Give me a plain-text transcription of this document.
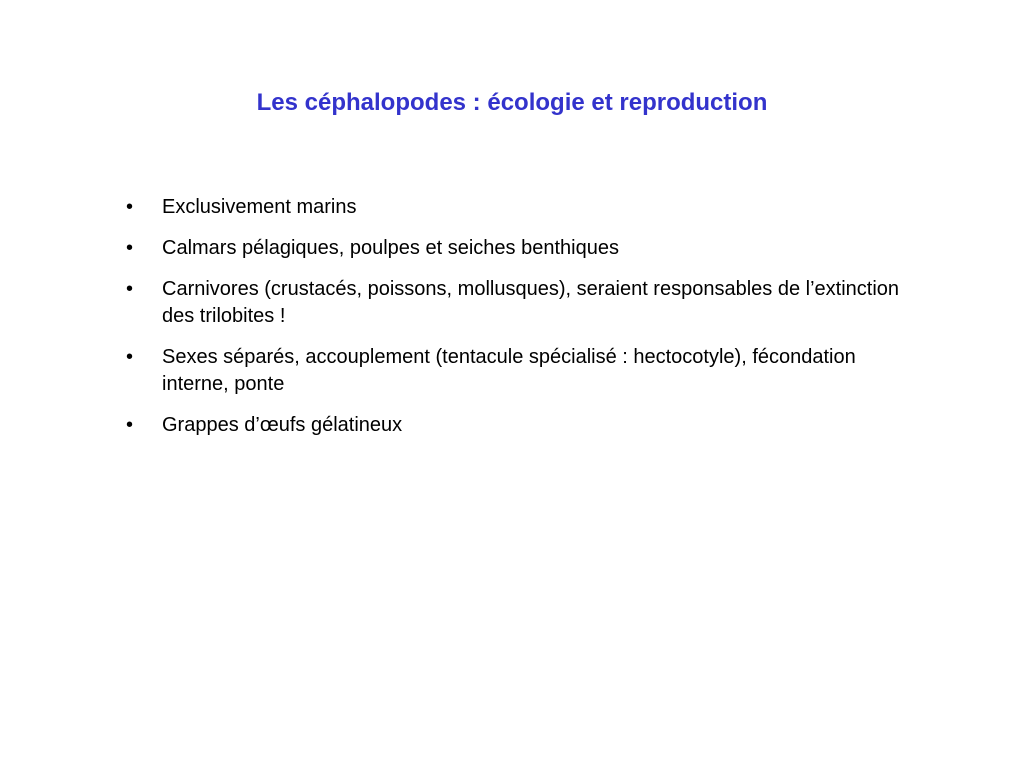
Les céphalopodes : écologie et reproduction
•	Exclusivement marins
•	Calmars pélagiques, poulpes et seiches benthiques
•	Carnivores (crustacés, poissons, mollusques), seraient responsables de l’extinction des trilobites !
•	Sexes séparés, accouplement (tentacule spécialisé : hectocotyle), fécondation interne, ponte
•	Grappes d’œufs gélatineux
